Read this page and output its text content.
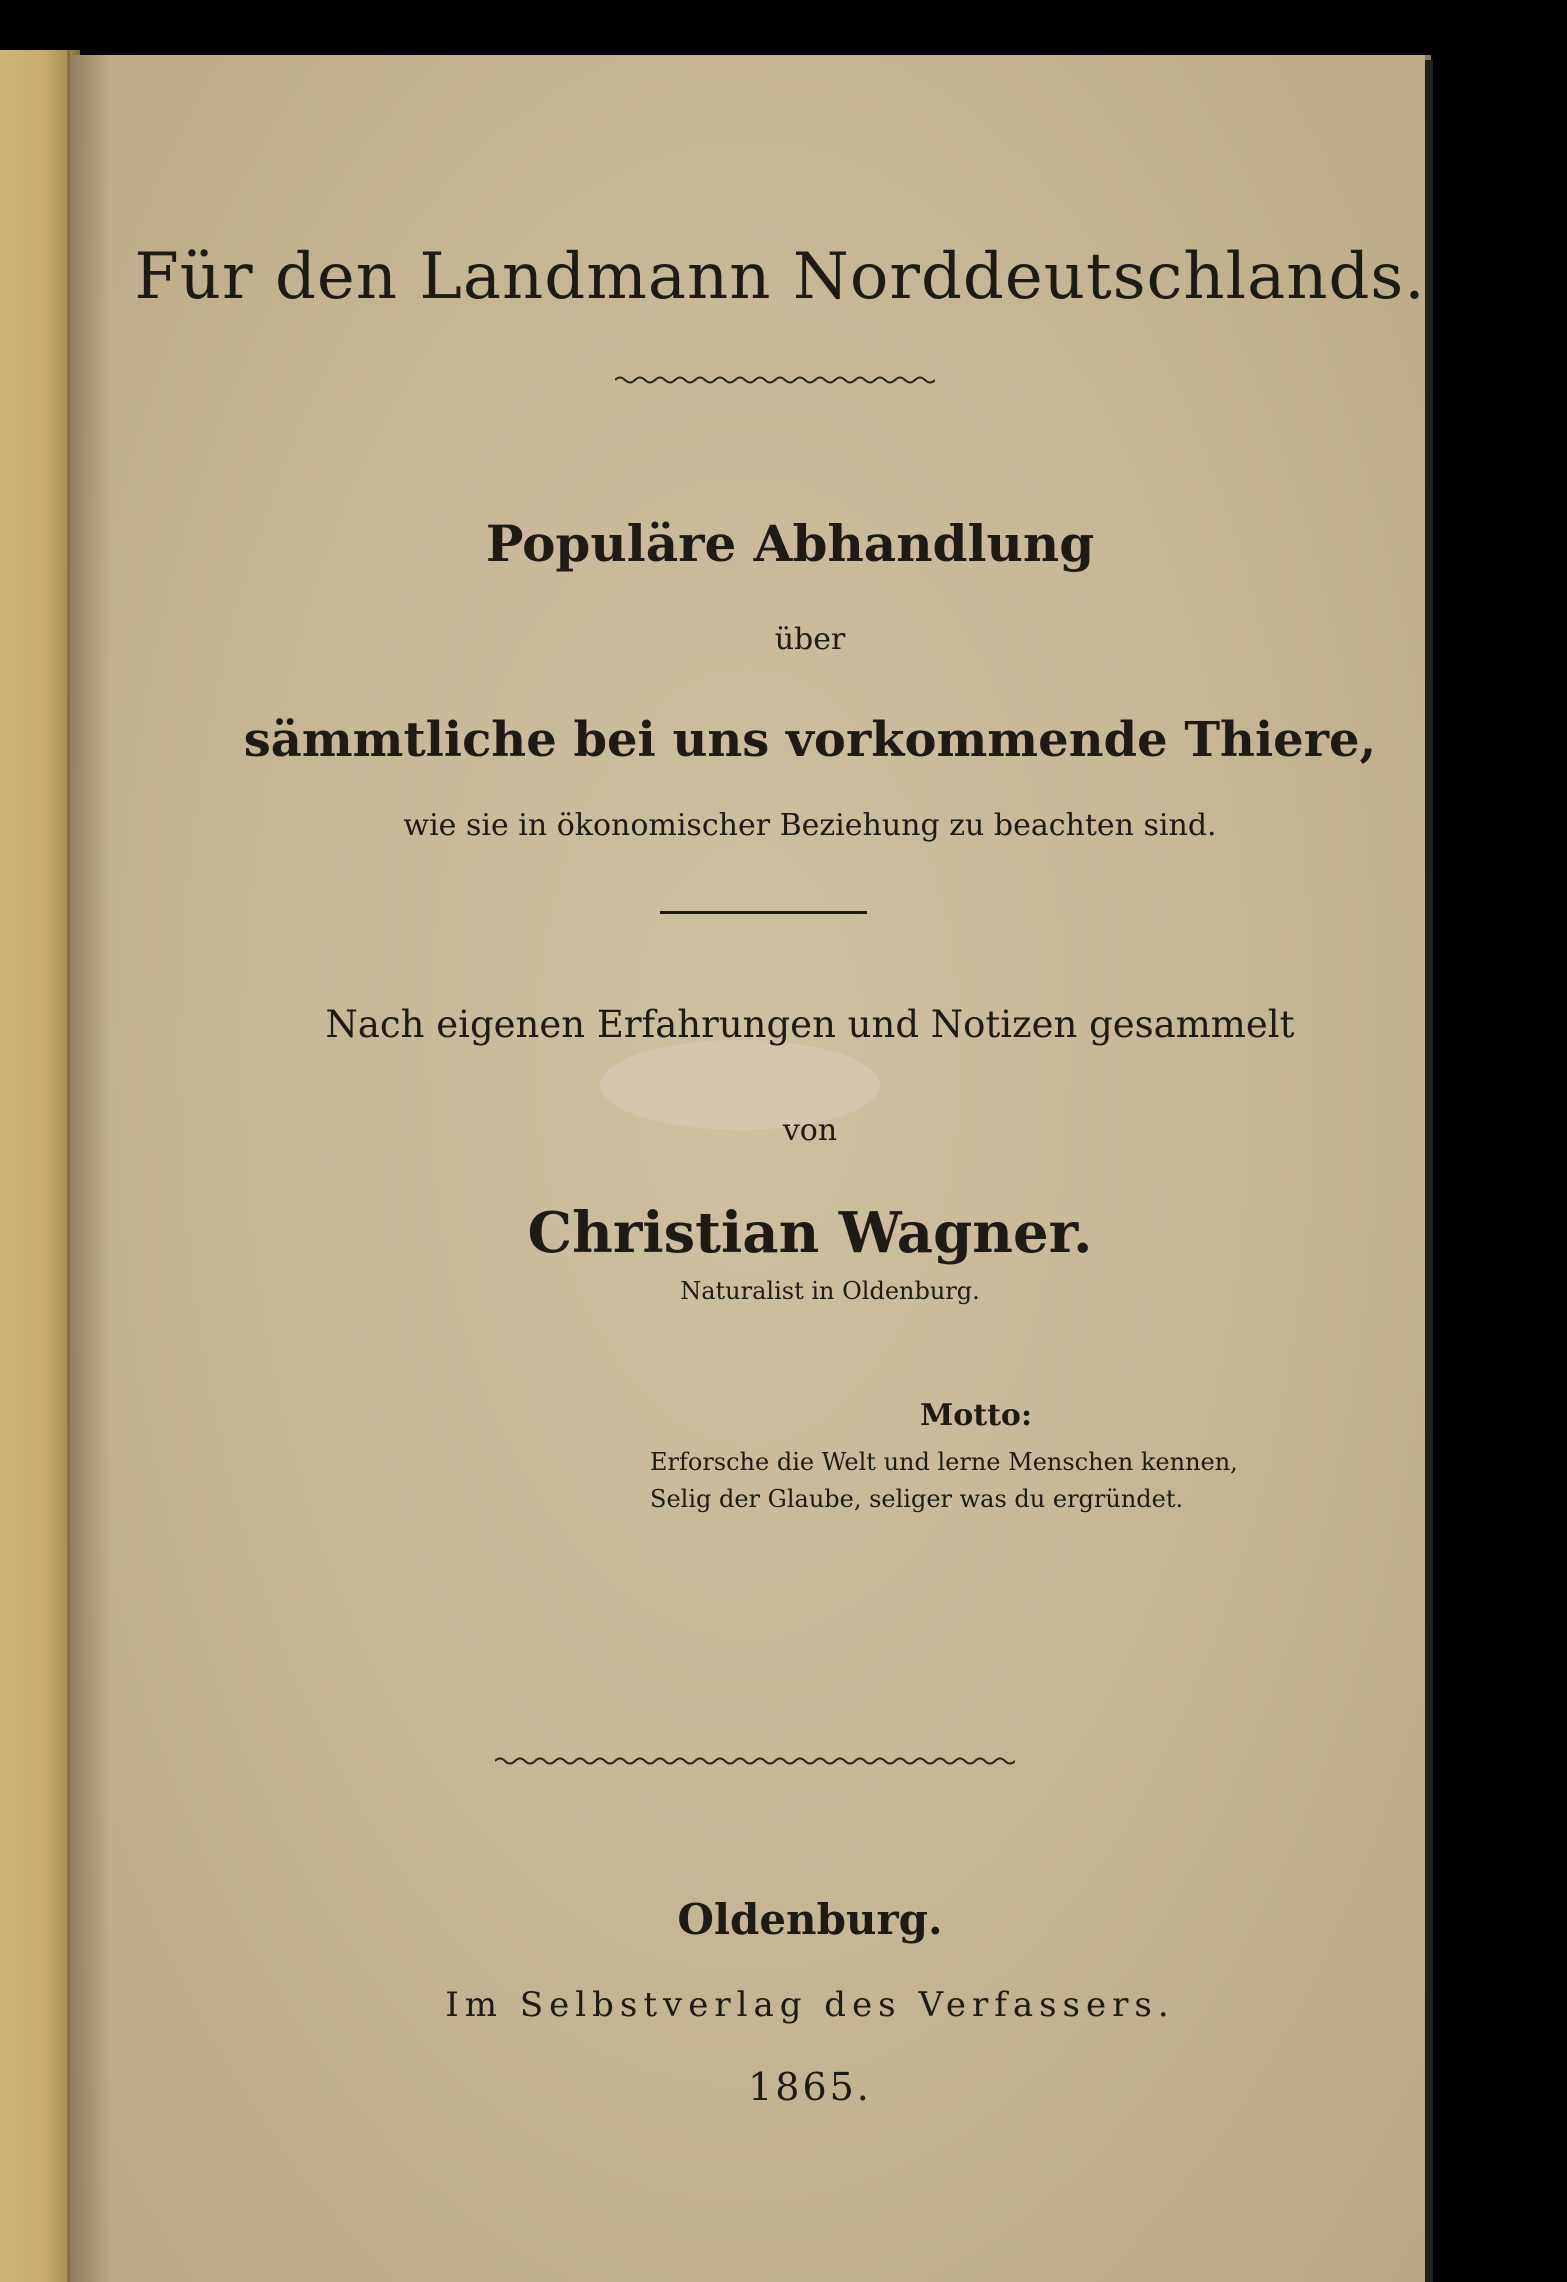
Für den Landmann Norddeutschlands.
Populäre Abhandlung
über
sämmtliche bei uns vorkommende Thiere,
wie sie in ökonomischer Beziehung zu beachten sind.
Nach eigenen Erfahrungen und Notizen gesammelt
von
Christian Wagner.
Naturalist in Oldenburg.
Motto:
Erforsche die Welt und lerne Menschen kennen,
Selig der Glaube, seliger was du ergründet.
Oldenburg.
Im Selbstverlag des Verfassers.
1865.
